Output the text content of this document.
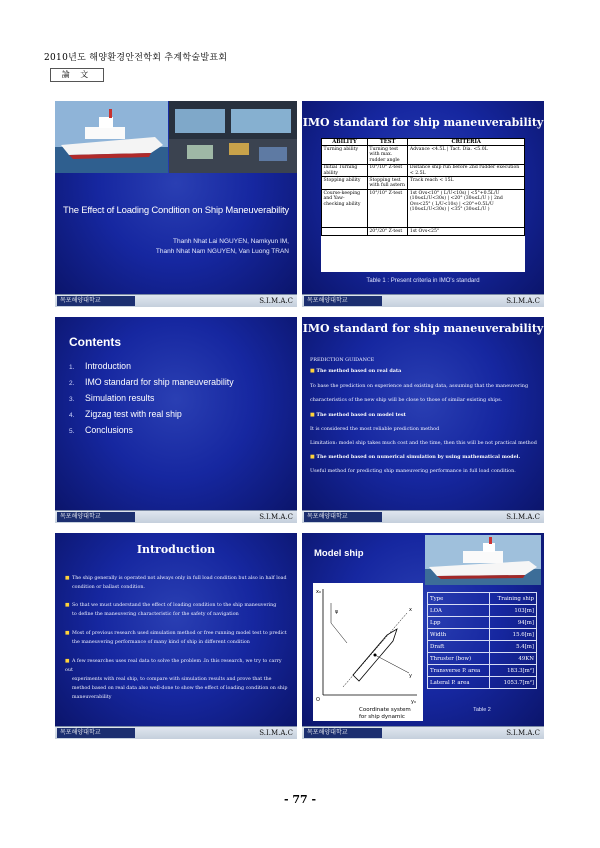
2010년도 해양환경안전학회 추계학술발표회
論 文
The Effect of Loading Condition on Ship Maneuverability
Thanh Nhat Lai NGUYEN, Namkyun IM,
Thanh Nhat Nam NGUYEN, Van Luong TRAN
목포해양대학교	S.I.M.A.C
IMO standard for ship maneuverability
ABILITY	TEST	CRITERIA
Turning ability	Turning test with max. rudder angle	Advance <4.5L | Tact. Dia. <5.0L
Initial Turning ability	10°/10° Z-test	Distance ship run before 2nd rudder execution < 2.5L
Stopping ability	Stopping test with full astern	Track reach < 15L
Course-keeping and Yaw-checking ability	10°/10° Z-test	1st Ovs<10° ( L/U<10s) | <5°+0.5L/U (10s≤L/U<30s) | <20° (30s≤L/U ) | 2nd Ovs<25° ( L/U<10s) | <20°+0.5L/U (10s≤L/U<30s) | <35° (30s≤L/U )
	20°/20° Z-test	1st Ovs<25°
Table 1 : Present criteria in IMO's standard
목포해양대학교	S.I.M.A.C
Contents
1. Introduction
2. IMO standard for ship maneuverability
3. Simulation results
4. Zigzag test with real ship
5. Conclusions
목포해양대학교	S.I.M.A.C
IMO standard for ship maneuverability
PREDICTION GUIDANCE
■ The method based on real data
To base the prediction on experience and existing data, assuming that the maneuvering
characteristics of the new ship will be close to those of similar existing ships.
■ The method based on model test
It is considered the most reliable prediction method
Limitation: model ship takes much cost and the time, then this will be not practical method
■ The method based on numerical simulation by using mathematical model.
Useful method for predicting ship maneuvering performance in full load condition.
목포해양대학교	S.I.M.A.C
Introduction
■ The ship generally is operated not always only in full load condition but also in half load
condition or ballast condition.
■ So that we must understand the effect of loading condition to the ship maneuvering
to define the maneuvering characteristic for the safety of navigation
■ Most of previous research used simulation method or free running model test to predict
the maneuvering performance of many kind of ship in different condition
■ A few researches uses real data to solve the problem .In this research, we try to carry out
experiments with real ship, to compare with simulation results and prove that the
method based on real data also well-done to show the effect of loading condition on ship
maneuverability
목포해양대학교	S.I.M.A.C
Model ship
x₀
y₀
O
ψ	x
y
Coordinate system
for ship dynamic
Type	Training ship
LOA	103[m]
Lpp	94[m]
Width	15.6[m]
Draft	5.4[m]
Thruster (bow)	49KN
Transverse P. area	183.3[m²]
Lateral P. area	1053.7[m²]
Table 2
목포해양대학교	S.I.M.A.C
- 77 -
